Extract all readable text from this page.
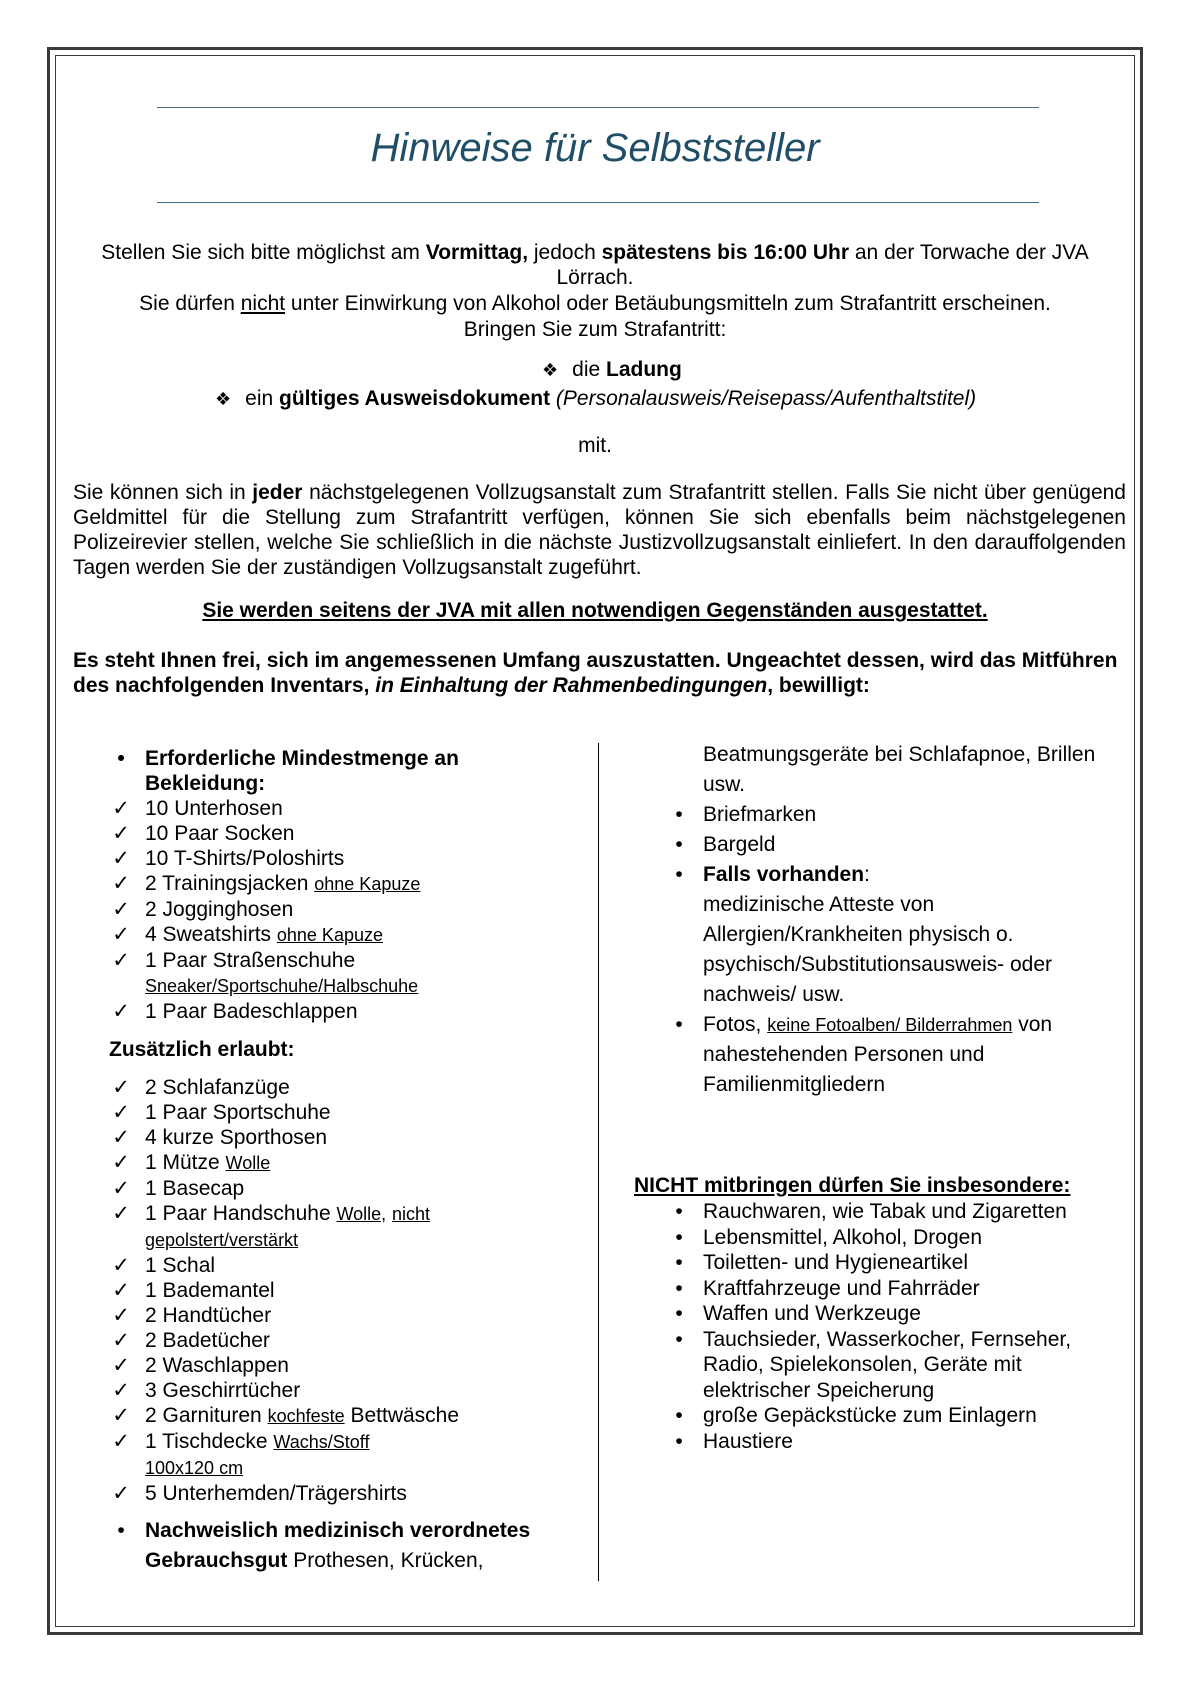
Hinweise für Selbststeller
Stellen Sie sich bitte möglichst am Vormittag, jedoch spätestens bis 16:00 Uhr an der Torwache der JVA
Lörrach.
Sie dürfen nicht unter Einwirkung von Alkohol oder Betäubungsmitteln zum Strafantritt erscheinen.
Bringen Sie zum Strafantritt:
❖ die Ladung
❖ ein gültiges Ausweisdokument (Personalausweis/Reisepass/Aufenthaltstitel)
mit.
Sie können sich in jeder nächstgelegenen Vollzugsanstalt zum Strafantritt stellen. Falls Sie nicht über genügend Geldmittel für die Stellung zum Strafantritt verfügen, können Sie sich ebenfalls beim nächstgelegenen Polizeirevier stellen, welche Sie schließlich in die nächste Justizvollzugsanstalt einliefert. In den darauffolgenden Tagen werden Sie der zuständigen Vollzugsanstalt zugeführt.
Sie werden seitens der JVA mit allen notwendigen Gegenständen ausgestattet.
Es steht Ihnen frei, sich im angemessenen Umfang auszustatten. Ungeachtet dessen, wird das Mitführen des nachfolgenden Inventars, in Einhaltung der Rahmenbedingungen, bewilligt:
• Erforderliche Mindestmenge an Bekleidung:
✓ 10 Unterhosen
✓ 10 Paar Socken
✓ 10 T-Shirts/Poloshirts
✓ 2 Trainingsjacken ohne Kapuze
✓ 2 Jogginghosen
✓ 4 Sweatshirts ohne Kapuze
✓ 1 Paar Straßenschuhe
Sneaker/Sportschuhe/Halbschuhe
✓ 1 Paar Badeschlappen
Zusätzlich erlaubt:
✓ 2 Schlafanzüge
✓ 1 Paar Sportschuhe
✓ 4 kurze Sporthosen
✓ 1 Mütze Wolle
✓ 1 Basecap
✓ 1 Paar Handschuhe Wolle, nicht
gepolstert/verstärkt
✓ 1 Schal
✓ 1 Bademantel
✓ 2 Handtücher
✓ 2 Badetücher
✓ 2 Waschlappen
✓ 3 Geschirrtücher
✓ 2 Garnituren kochfeste Bettwäsche
✓ 1 Tischdecke Wachs/Stoff
100x120 cm
✓ 5 Unterhemden/Trägershirts
• Nachweislich medizinisch verordnetes Gebrauchsgut Prothesen, Krücken,
Beatmungsgeräte bei Schlafapnoe, Brillen usw.
• Briefmarken
• Bargeld
• Falls vorhanden:
medizinische Atteste von Allergien/Krankheiten physisch o. psychisch/Substitutionsausweis- oder nachweis/ usw.
• Fotos, keine Fotoalben/ Bilderrahmen von nahestehenden Personen und Familienmitgliedern
NICHT mitbringen dürfen Sie insbesondere:
• Rauchwaren, wie Tabak und Zigaretten
• Lebensmittel, Alkohol, Drogen
• Toiletten- und Hygieneartikel
• Kraftfahrzeuge und Fahrräder
• Waffen und Werkzeuge
• Tauchsieder, Wasserkocher, Fernseher, Radio, Spielekonsolen, Geräte mit elektrischer Speicherung
• große Gepäckstücke zum Einlagern
• Haustiere
